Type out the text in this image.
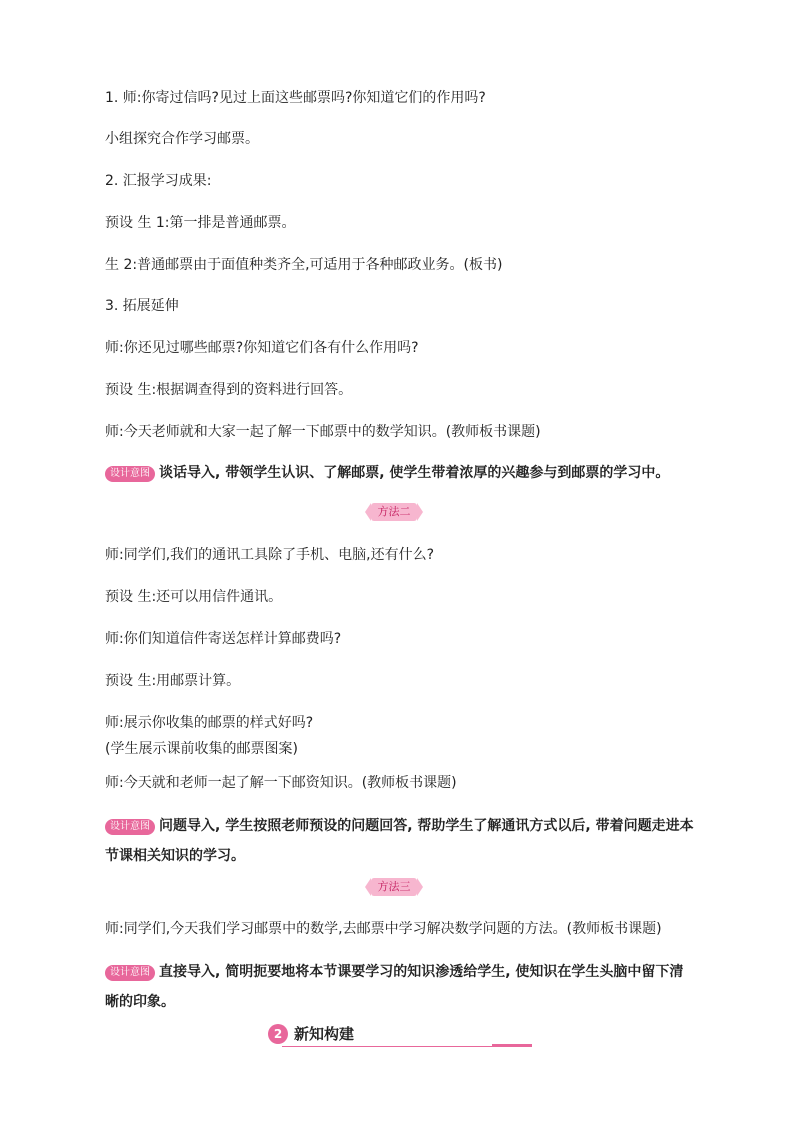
1. 师:你寄过信吗?见过上面这些邮票吗?你知道它们的作用吗?
小组探究合作学习邮票。
2. 汇报学习成果:
预设 生 1:第一排是普通邮票。
生 2:普通邮票由于面值种类齐全,可适用于各种邮政业务。(板书)
3. 拓展延伸
师:你还见过哪些邮票?你知道它们各有什么作用吗?
预设 生:根据调查得到的资料进行回答。
师:今天老师就和大家一起了解一下邮票中的数学知识。(教师板书课题)
设计意图 谈话导入, 带领学生认识、了解邮票, 使学生带着浓厚的兴趣参与到邮票的学习中。
方法二
师:同学们,我们的通讯工具除了手机、电脑,还有什么?
预设 生:还可以用信件通讯。
师:你们知道信件寄送怎样计算邮费吗?
预设 生:用邮票计算。
师:展示你收集的邮票的样式好吗?
(学生展示课前收集的邮票图案)
师:今天就和老师一起了解一下邮资知识。(教师板书课题)
设计意图 问题导入, 学生按照老师预设的问题回答, 帮助学生了解通讯方式以后, 带着问题走进本
节课相关知识的学习。
方法三
师:同学们,今天我们学习邮票中的数学,去邮票中学习解决数学问题的方法。(教师板书课题)
设计意图 直接导入, 简明扼要地将本节课要学习的知识渗透给学生, 使知识在学生头脑中留下清
晰的印象。
2 新知构建
